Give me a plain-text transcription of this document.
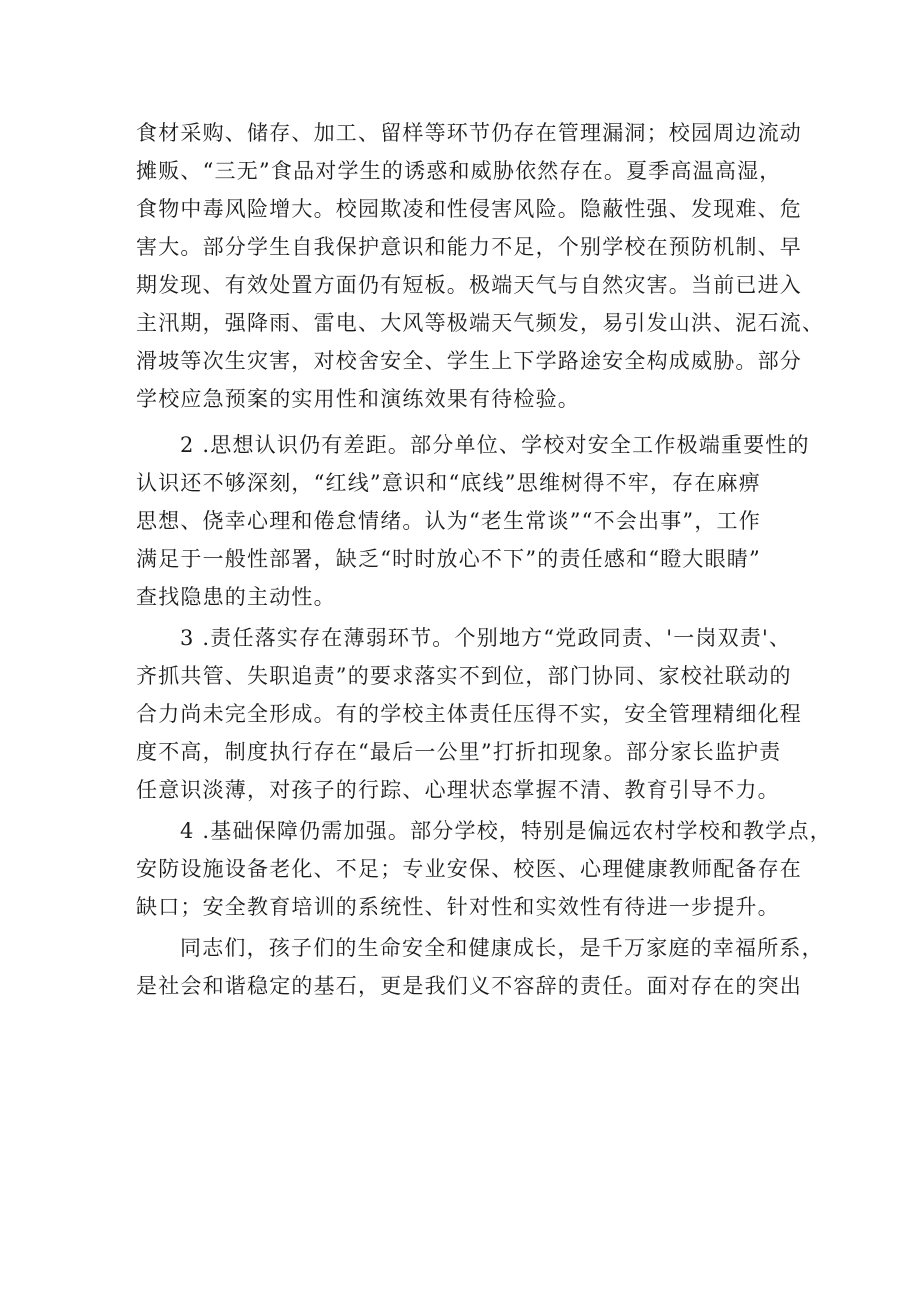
食材采购、储存、加工、留样等环节仍存在管理漏洞；校园周边流动
摊贩、“三无”食品对学生的诱惑和威胁依然存在。夏季高温高湿，
食物中毒风险增大。校园欺凌和性侵害风险。隐蔽性强、发现难、危
害大。部分学生自我保护意识和能力不足，个别学校在预防机制、早
期发现、有效处置方面仍有短板。极端天气与自然灾害。当前已进入
主汛期，强降雨、雷电、大风等极端天气频发，易引发山洪、泥石流、
滑坡等次生灾害，对校舍安全、学生上下学路途安全构成威胁。部分
学校应急预案的实用性和演练效果有待检验。
2 .思想认识仍有差距。部分单位、学校对安全工作极端重要性的
认识还不够深刻，“红线”意识和“底线”思维树得不牢，存在麻痹
思想、侥幸心理和倦怠情绪。认为“老生常谈”“不会出事”，工作
满足于一般性部署，缺乏“时时放心不下”的责任感和“瞪大眼睛”
查找隐患的主动性。
3 .责任落实存在薄弱环节。个别地方“党政同责、'一岗双责'、
齐抓共管、失职追责”的要求落实不到位，部门协同、家校社联动的
合力尚未完全形成。有的学校主体责任压得不实，安全管理精细化程
度不高，制度执行存在“最后一公里”打折扣现象。部分家长监护责
任意识淡薄，对孩子的行踪、心理状态掌握不清、教育引导不力。
4 .基础保障仍需加强。部分学校，特别是偏远农村学校和教学点，
安防设施设备老化、不足；专业安保、校医、心理健康教师配备存在
缺口；安全教育培训的系统性、针对性和实效性有待进一步提升。
同志们，孩子们的生命安全和健康成长，是千万家庭的幸福所系，
是社会和谐稳定的基石，更是我们义不容辞的责任。面对存在的突出
